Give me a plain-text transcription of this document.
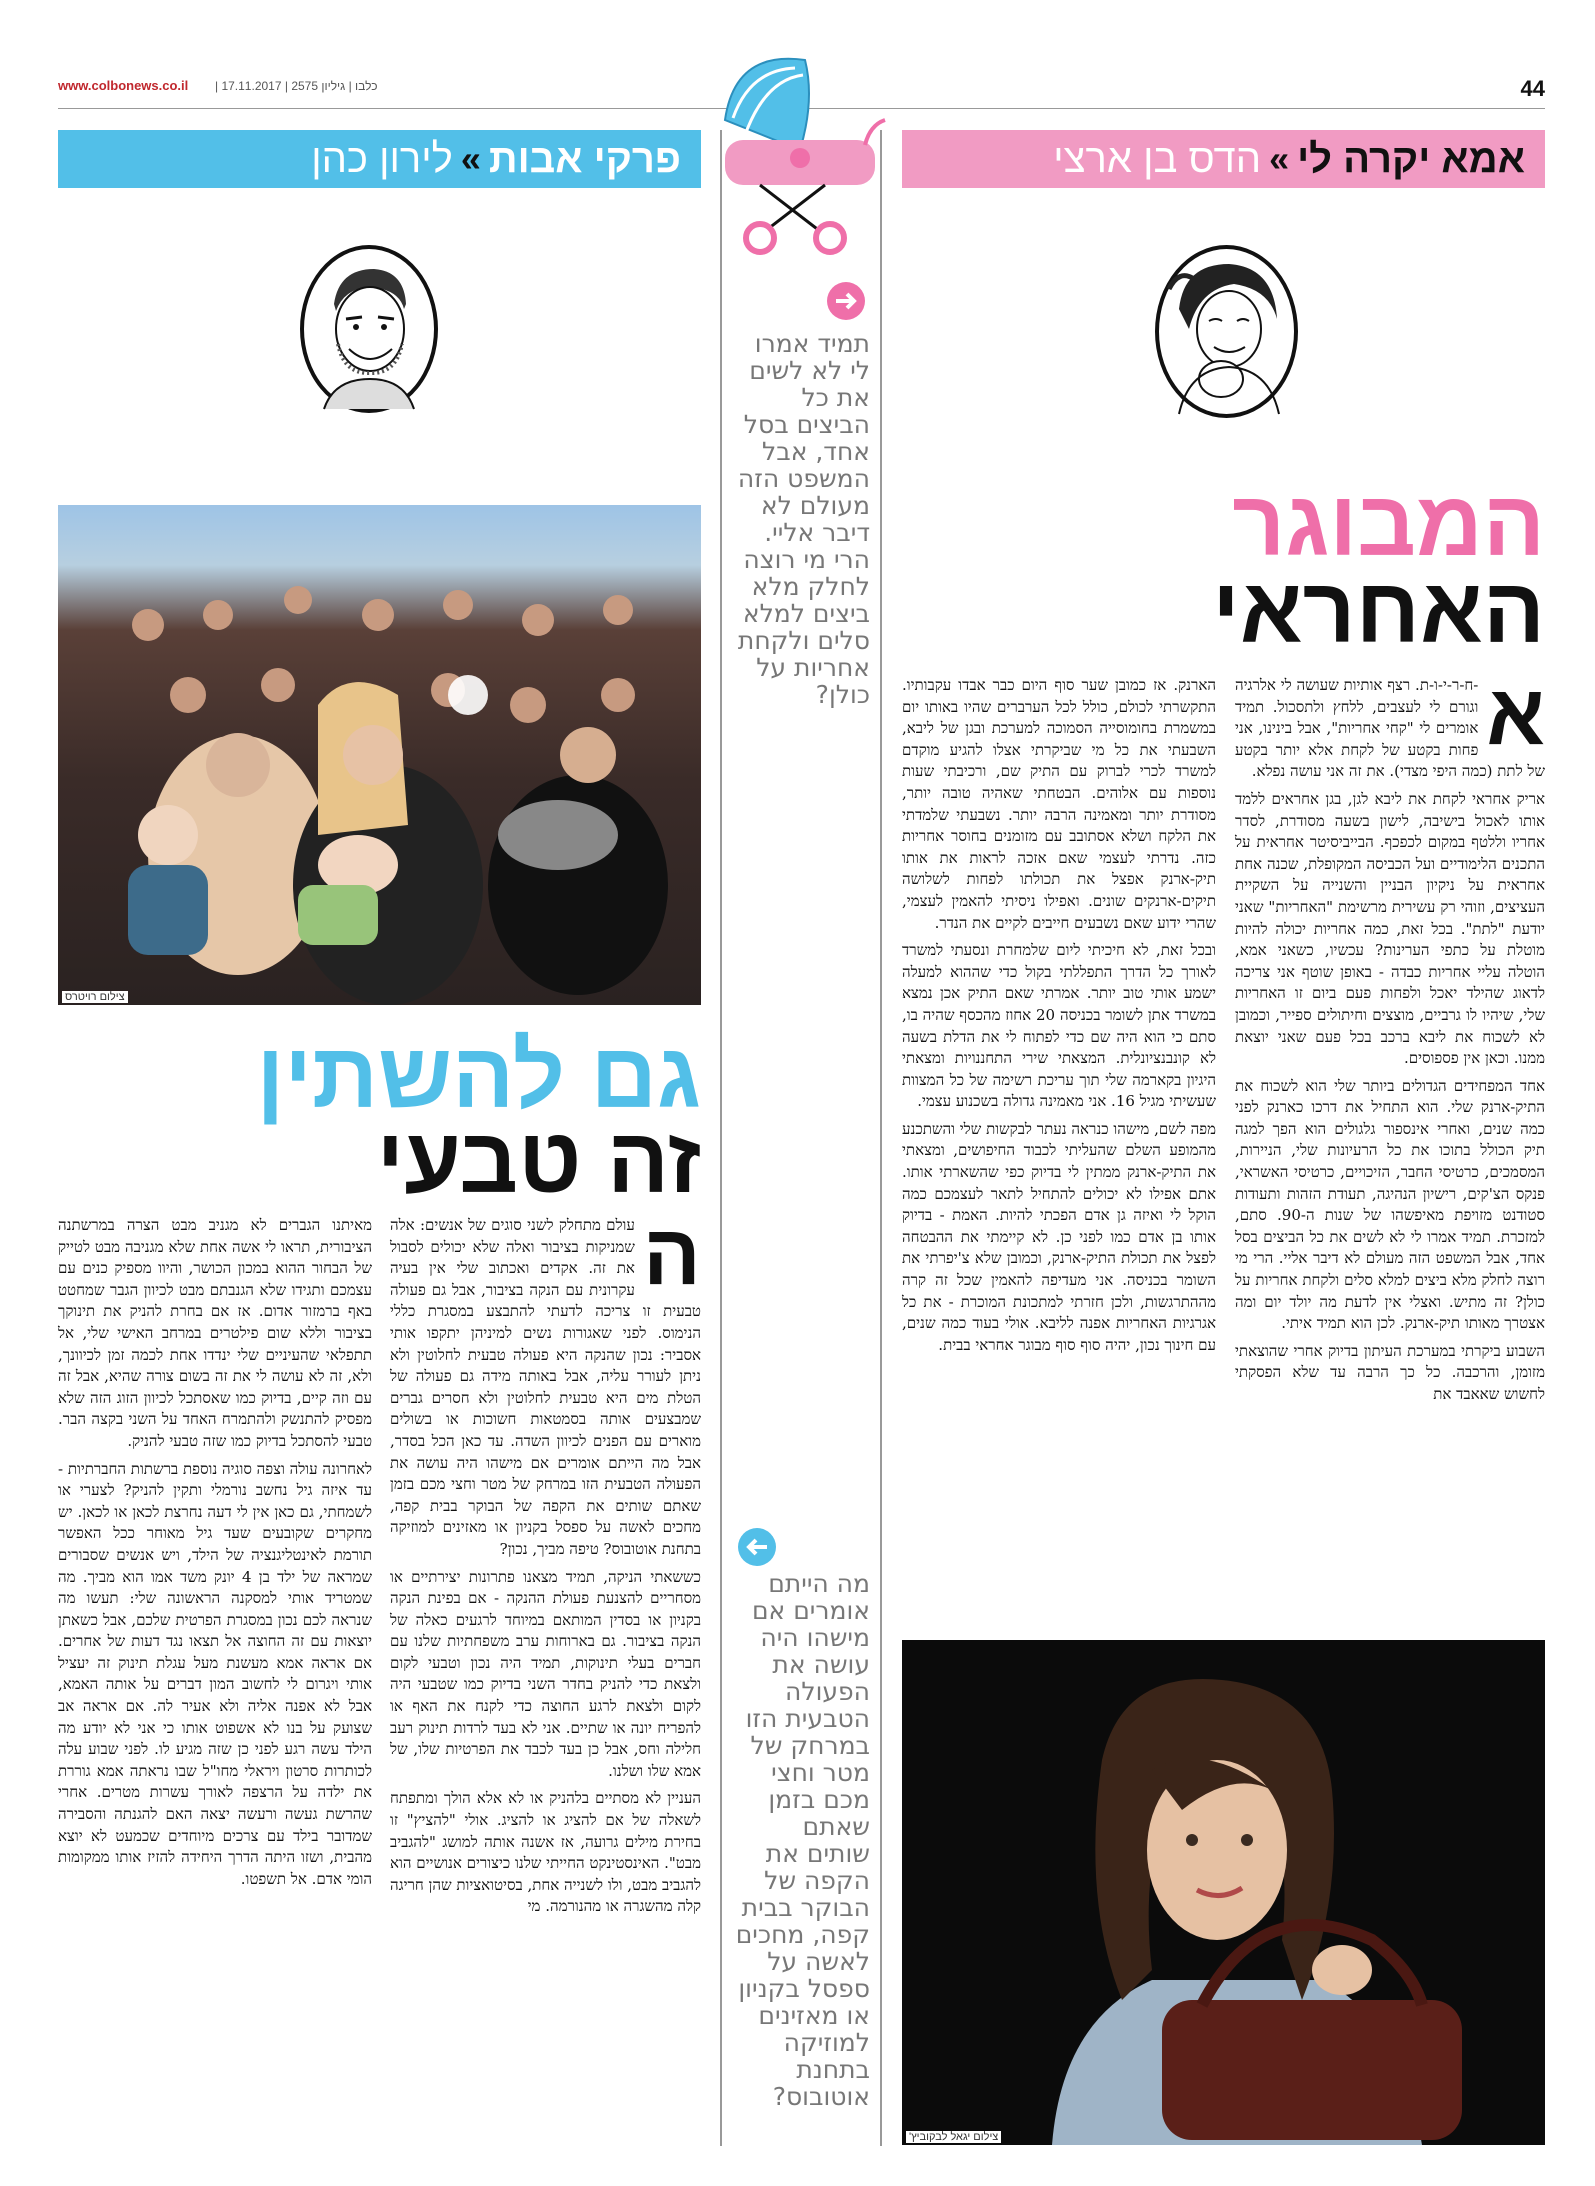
www.colbonews.co.il | כלבו | גיליון 2575 | 17.11.2017	44
פרקי אבות
»
לירון כהן	אמא יקרה לי
»
הדס בן ארצי
צילום רויטרס
גם להשתין
זה טבעי
ה

עולם מתחלק לשני סוגים של אנשים: אלה שמניקות בציבור ואלה שלא יכולים לסבול את זה. אקדים ואכתוב שלי אין בעיה עקרונית עם הנקה בציבור, אבל גם פעולה טבעית זו צריכה לדעתי להתבצע במסגרת כללי הנימוס. לפני שאגורות נשים למיניהן יתקפו אותי אסביר: נכון שהנקה היא פעולה טבעית לחלוטין ולא ניתן לעורר עליה, אבל באותה מידה גם פעולה של הטלת מים היא טבעית לחלוטין ולא חסרים גברים שמבצעים אותה בסמטאות חשוכות או בשולים מוארים עם הפנים לכיוון השדה. עד כאן הכל בסדר, אבל מה הייתם אומרים אם מישהו היה עושה את הפעולה הטבעית הזו במרחק של מטר וחצי מכם בזמן שאתם שותים את הקפה של הבוקר בבית קפה, מחכים לאשה על ספסל בקניון או מאזינים למוזיקה בתחנת אוטובוס? טיפה מביך, נכון?

כששאתי הניקה, תמיד מצאנו פתרונות יצירתיים או מסחריים להצנעת פעולת ההנקה - אם בפינת הנקה בקניון או בסדין המותאם במיוחד לרגעים כאלה של הנקה בציבור. גם בארוחות ערב משפחתיות שלנו עם חברים בעלי תינוקות, תמיד היה נכון וטבעי לקום ולצאת כדי להניק בחדר השני בדיוק כמו שטבעי היה לקום ולצאת לרגע החוצה כדי לקנח את האף או להפריח יונה או שתיים. אני לא בעד לרדות תינוק רעב חלילה וחס, אבל כן בעד לכבד את הפרטיות שלו, של אמא שלו ושלנו.

העניין לא מסתיים בלהניק או לא אלא הולך ומתפתח לשאלה של אם להציג או להציג. אולי "להציץ" זו בחירת מילים גרועה, אז אשנה אותה למושג "להגביב מבט". האינסטינקט החייתי שלנו כיצורים אנושיים הוא להגביב מבט, ולו לשנייה אחת, בסיטואציות שהן חריגה קלה מהשגרה או מהנורמה. מי

מאיתנו הגברים לא מגניב מבט הצרה במרשתנה הציבורית, תראו לי אשה אחת שלא מגניבה מבט לטייק של הבחור ההוא במכון הכושר, והיוו מספיק כנים עם עצמכם ותגידו שלא הגנבתם מבט לכיוון הגבר שמחטט באף ברמזור אדום. אז אם בחרת להניק את תינוקך בציבור וללא שום פילטרים במרחב האישי שלי, אל תתפלאי שהעיניים שלי ינדדו אחת לכמה זמן לכיוונך, ולא, זה לא עושה לי את זה בשום צורה שהיא, אבל זה עם וזה קיים, בדיוק כמו שאסתכל לכיוון הזוג הזה שלא מפסיק להתנשק ולהתמרח האחד על השני בקצה הבר. טבעי להסתכל בדיוק כמו שזה טבעי להניק.

לאחרונה עולה וצפה סוגיה נוספת ברשתות החברתיות - עד איזה גיל נחשב נורמלי ותקין להניק? לצערי או לשמחתי, גם כאן אין לי דעה נחרצת לכאן או לכאן. יש מחקרים שקובעים שעד גיל מאוחר ככל האפשר תורמת לאינטליגנציה של הילד, ויש אנשים שסבורים שמראה של ילד בן 4 יונק משד אמו הוא מביך. מה שמטריד אותי למסקנה הראשונה שלי: תעשו מה שנראה לכם נכון במסגרת הפרטית שלכם, אבל כשאתן יוצאות עם זה החוצה אל תצאו נגד דעות של אחרים. אם אראה אמא מעשנת מעל עגלת תינוק זה יעציל אותי ויגרום לי לחשוב המון דברים על אותה האמא, אבל לא אפנה אליה ולא אעיר לה. אם אראה אב שצועק על בנו לא אשפוט אותו כי אני לא יודע מה הילד עשה רגע לפני כן שזה מגיע לו. לפני שבוע עלה לכותרות סרטון ויראלי מחו"ל שבו נראתה אמא גוררת את ילדה על הרצפה לאורך עשרות מטרים. אחרי שהרשת געשה ורעשה יצאה האם להגנתה והסבירה שמדובר בילד עם צרכים מיוחדים שכמעט לא יוצא מהבית, ושזו היתה הדרך היחידה להזיז אותו ממקומות הומי אדם. אל תשפטו.

תמיד אמרו לי לא לשים את כל הביצים בסל אחד, אבל המשפט הזה מעולם לא דיבר אליי. הרי מי רוצה לחלק מלא ביצים למלא סלים ולקחת אחריות על כולן?
מה הייתם אומרים אם מישהו היה עושה את הפעולה הטבעית הזו במרחק של מטר וחצי מכם בזמן שאתם שותים את הקפה של הבוקר בבית קפה, מחכים לאשה על ספסל בקניון או מאזינים למוזיקה בתחנת אוטובוס?
המבוגר
האחראי
א

-ח-ר-י-ו-ת. רצף אותיות שעושה לי אלרגיה וגורם לי לעצבים, ללחץ ולתסכול. תמיד אומרים לי "קחי אחריות", אבל בינינו, אני פחות בקטע של לקחת אלא יותר בקטע של לתת (כמה היפי מצדי). את זה אני עושה נפלא.

אריק אחראי לקחת את ליבא לגן, בגן אחראים ללמד אותו לאכול בישיבה, לישון בשעה מסודרת, לסדר אחריו וללטף במקום לכפכף. הבייביסיטר אחראית על התכנים הלימודיים ועל הכביסה המקופלת, שכנה אחת אחראית על ניקיון הבניין והשנייה על השקיית העציצים, וזוהי רק עשירית מרשימת "האחריות" שאני יודעת "לתת". בכל זאת, כמה אחריות יכולה להיות מוטלת על כתפי הערינות? עכשיו, כשאני אמא, הוטלה עליי אחריות כבדה - באופן שוטף אני צריכה לדאוג שהילד יאכל ולפחות פעם ביום זו האחריות שלי, שיהיו לו גרביים, מוצצים וחיתולים ספייר, וכמובן לא לשכוח את ליבא ברכב בכל פעם שאני יוצאת ממנו. וכאן אין פספוסים.

אחד המפחידים הגדולים ביותר שלי הוא לשכוח את התיק-ארנק שלי. הוא התחיל את דרכו כארנק לפני כמה שנים, ואחרי אינספור גלגולים הוא הפך למגה תיק הכולל בתוכו את כל הרעיונות שלי, הניירות, המסמכים, כרטיסי החבר, הזיכויים, כרטיסי האשראי, פנקס הצ'קים, רישיון הנהיגה, תעודת הזהות ותעודות סטודנט מזויפת מאיפשהו של שנות ה-90. סתם, למזכרת. תמיד אמרו לי לא לשים את כל הביצים בסל אחד, אבל המשפט הזה מעולם לא דיבר אליי. הרי מי רוצה לחלק מלא ביצים למלא סלים ולקחת אחריות על כולן? זה מתיש. ואצלי אין לדעת מה יולד יום ומה אצטרך מאותו תיק-ארנק. לכן הוא תמיד איתי.

השבוע ביקרתי במערכת העיתון בדיוק אחרי שהוצאתי מזומן, והרכבה. כל כך הרבה עד שלא הפסקתי לחשוש שאאבד את

הארנק. אז כמובן שער סוף היום כבר אבדו עקבותיו. התקשרתי לכולם, כולל לכל הערברים שהיו באותו יום במשמרת בחומוסייה הסמוכה למערכת ובגן של ליבא, השבעתי את כל מי שביקרתי אצלו להגיע מוקדם למשרד לכרי לברוק עם התיק שם, ורכיבתי שעות נוספות עם אלוהים. הבטחתי שאהיה טובה יותר, מסודרת יותר ומאמינה הרבה יותר. נשבעתי שלמדתי את הלקח ושלא אסתובב עם מזומנים בחוסר אחריות כזה. נדרתי לעצמי שאם אזכה לראות את אותו תיק-ארנק אפצל את תכולתו לפחות לשלושה תיקים-ארנקים שונים. ואפילו ניסיתי להאמין לעצמי, שהרי ידוע שאם נשבעים חייבים לקיים את הנדר.

ובכל זאת, לא חיכיתי ליום שלמחרת ונסעתי למשרד לאורך כל הדרך התפללתי בקול כדי שההוא למעלה ישמע אותי טוב יותר. אמרתי שאם התיק אכן נמצא במשרד אתן לשומר בכניסה 20 אחוז מהכסף שהיה בו, סתם כי הוא היה שם כדי לפתוח לי את הדלת בשעה לא קונבנציונלית. המצאתי שירי התחננויות ומצאתי היגיון בקארמה שלי תוך עריכת רשימה של כל המצוות שעשיתי מגיל 16. אני מאמינה גדולה בשכנוע עצמי.

מפה לשם, מישהו כנראה נעתר לבקשות שלי והשתכנע מהמופע השלם שהעליתי לכבוד החיפושים, ומצאתי את התיק-ארנק ממתין לי בדיוק כפי שהשארתי אותו. אתם אפילו לא יכולים להתחיל לתאר לעצמכם כמה הוקל לי ואיזה גן אדם הפכתי להיות. האמת - בדיוק אותו בן אדם כמו לפני כן. לא קיימתי את ההבטחה לפצל את תכולת התיק-ארנק, וכמובן שלא צ'יפרתי את השומר בכניסה. אני מעדיפה להאמין שכל זה קרה מההתרגשות, ולכן חזרתי למתכונת המוכרת - את כל אגרגיות האחריות אפנה לליבא. אולי בעוד כמה שנים, עם חינוך נכון, יהיה סוף סוף מבוגר אחראי בבית.

צילום יגאל לבקוביץ'
